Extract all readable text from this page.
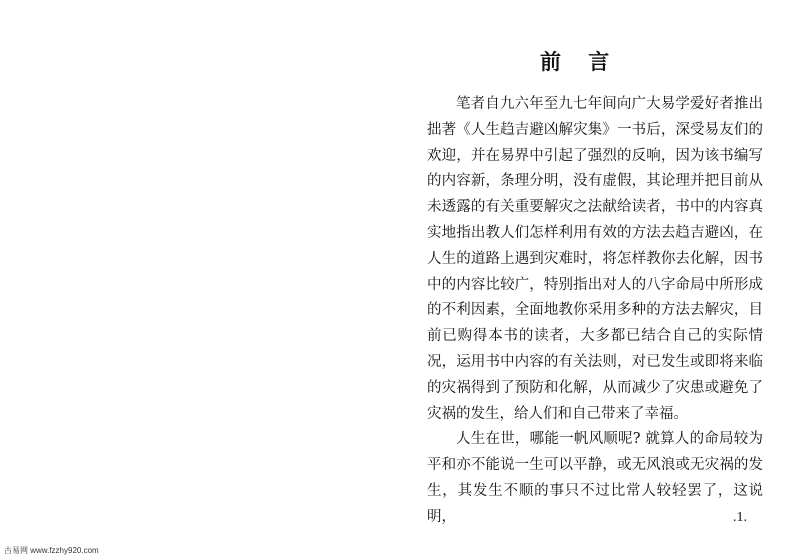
前 言

笔者自九六年至九七年间向广大易学爱好者推出拙著《人生趋吉避凶解灾集》一书后，深受易友们的欢迎，并在易界中引起了强烈的反响，因为该书编写的内容新，条理分明，没有虚假，其论理并把目前从未透露的有关重要解灾之法献给读者，书中的内容真实地指出教人们怎样利用有效的方法去趋吉避凶，在人生的道路上遇到灾难时，将怎样教你去化解，因书中的内容比较广，特别指出对人的八字命局中所形成的不利因素，全面地教你采用多种的方法去解灾，目前已购得本书的读者，大多都已结合自己的实际情况，运用书中内容的有关法则，对已发生或即将来临的灾祸得到了预防和化解，从而减少了灾患或避免了灾祸的发生，给人们和自己带来了幸福。

人生在世，哪能一帆风顺呢? 就算人的命局较为平和亦不能说一生可以平静，或无风浪或无灾祸的发生，其发生不顺的事只不过比常人较轻罢了，这说明，	.1.
古易网 www.fzzhy920.com
